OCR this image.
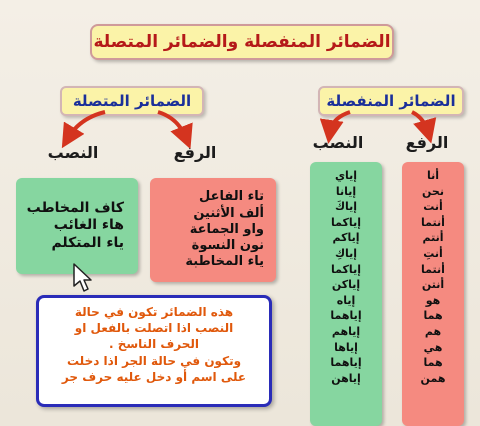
الضمائر المنفصلة والضمائر المتصلة
الضمائر المتصلة	الضمائر المنفصلة
النصب	الرفع
النصب	الرفع
كاف المخاطب
هاء الغائب
ياء المتكلم
تاء الفاعل
ألف الأثنين
واو الجماعة
نون النسوة
ياء المخاطبة
إياي
إيانا
إياكَ
إياكما
إياكم
إياكِ
إياكما
إياكن
إياه
إياهما
إياهم
إياها
إياهما
إياهن
أنا
نحن
أنت
أنتما
أنتم
أنتِ
أنتما
أنتن
هو
هما
هم
هي
هما
همن
هذه الضمائر تكون في حالة
النصب اذا اتصلت بالفعل او
الحرف الناسخ .
وتكون في حالة الجر اذا دخلت
على اسم أو دخل عليه حرف جر
